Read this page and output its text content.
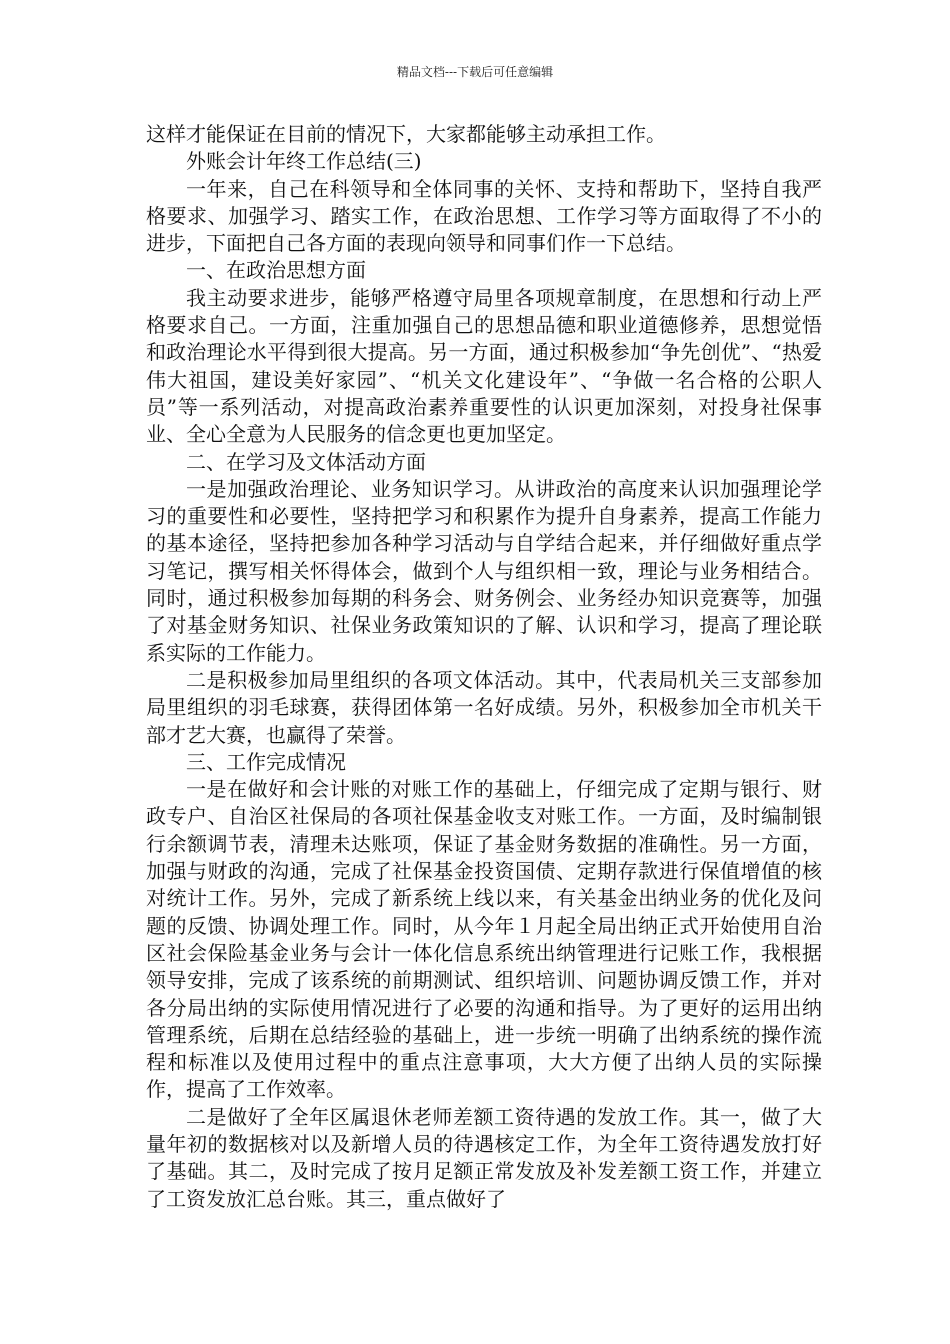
精品文档---下载后可任意编辑

这样才能保证在目前的情况下，大家都能够主动承担工作。

外账会计年终工作总结(三)

一年来，自己在科领导和全体同事的关怀、支持和帮助下，坚持自我严格要求、加强学习、踏实工作，在政治思想、工作学习等方面取得了不小的进步，下面把自己各方面的表现向领导和同事们作一下总结。

一、在政治思想方面

我主动要求进步，能够严格遵守局里各项规章制度，在思想和行动上严格要求自己。一方面，注重加强自己的思想品德和职业道德修养，思想觉悟和政治理论水平得到很大提高。另一方面，通过积极参加“争先创优”、“热爱伟大祖国，建设美好家园”、“机关文化建设年”、“争做一名合格的公职人员”等一系列活动，对提高政治素养重要性的认识更加深刻，对投身社保事业、全心全意为人民服务的信念更也更加坚定。

二、在学习及文体活动方面

一是加强政治理论、业务知识学习。从讲政治的高度来认识加强理论学习的重要性和必要性，坚持把学习和积累作为提升自身素养，提高工作能力的基本途径，坚持把参加各种学习活动与自学结合起来，并仔细做好重点学习笔记，撰写相关怀得体会，做到个人与组织相一致，理论与业务相结合。同时，通过积极参加每期的科务会、财务例会、业务经办知识竞赛等，加强了对基金财务知识、社保业务政策知识的了解、认识和学习，提高了理论联系实际的工作能力。

二是积极参加局里组织的各项文体活动。其中，代表局机关三支部参加局里组织的羽毛球赛，获得团体第一名好成绩。另外，积极参加全市机关干部才艺大赛，也赢得了荣誉。

三、工作完成情况

一是在做好和会计账的对账工作的基础上，仔细完成了定期与银行、财政专户、自治区社保局的各项社保基金收支对账工作。一方面，及时编制银行余额调节表，清理未达账项，保证了基金财务数据的准确性。另一方面，加强与财政的沟通，完成了社保基金投资国债、定期存款进行保值增值的核对统计工作。另外，完成了新系统上线以来，有关基金出纳业务的优化及问题的反馈、协调处理工作。同时，从今年１月起全局出纳正式开始使用自治区社会保险基金业务与会计一体化信息系统出纳管理进行记账工作，我根据领导安排，完成了该系统的前期测试、组织培训、问题协调反馈工作，并对各分局出纳的实际使用情况进行了必要的沟通和指导。为了更好的运用出纳管理系统，后期在总结经验的基础上，进一步统一明确了出纳系统的操作流程和标准以及使用过程中的重点注意事项，大大方便了出纳人员的实际操作，提高了工作效率。

二是做好了全年区属退休老师差额工资待遇的发放工作。其一，做了大量年初的数据核对以及新增人员的待遇核定工作，为全年工资待遇发放打好了基础。其二，及时完成了按月足额正常发放及补发差额工资工作，并建立了工资发放汇总台账。其三，重点做好了
